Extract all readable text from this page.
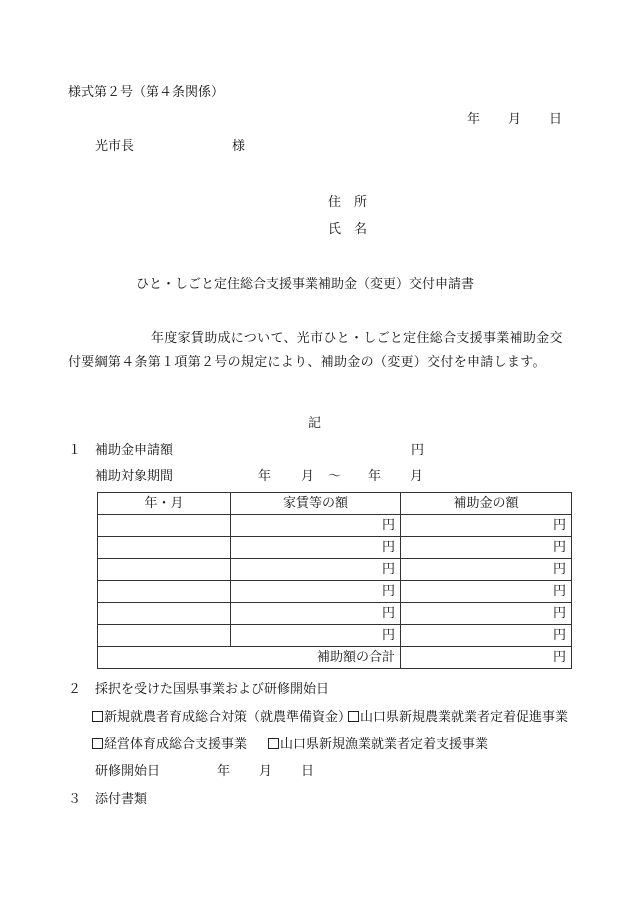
様式第２号（第４条関係）
年 月 日
光市長	様
住　所
氏　名
ひと・しごと定住総合支援事業補助金（変更）交付申請書
年度家賃助成について、光市ひと・しごと定住総合支援事業補助金交付要綱第４条第１項第２号の規定により、補助金の（変更）交付を申請します。
記
１ 補助金申請額	円
補助対象期間	年 月 ～ 年 月
年・月	家賃等の額	補助金の額
	円	円
	円	円
	円	円
	円	円
	円	円
	円	円
補助額の合計		円
２ 採択を受けた国県事業および研修開始日
新規就農者育成総合対策（就農準備資金） 山口県新規農業就業者定着促進事業
経営体育成総合支援事業	山口県新規漁業就業者定着支援事業
研修開始日	年 月 日
３ 添付書類
